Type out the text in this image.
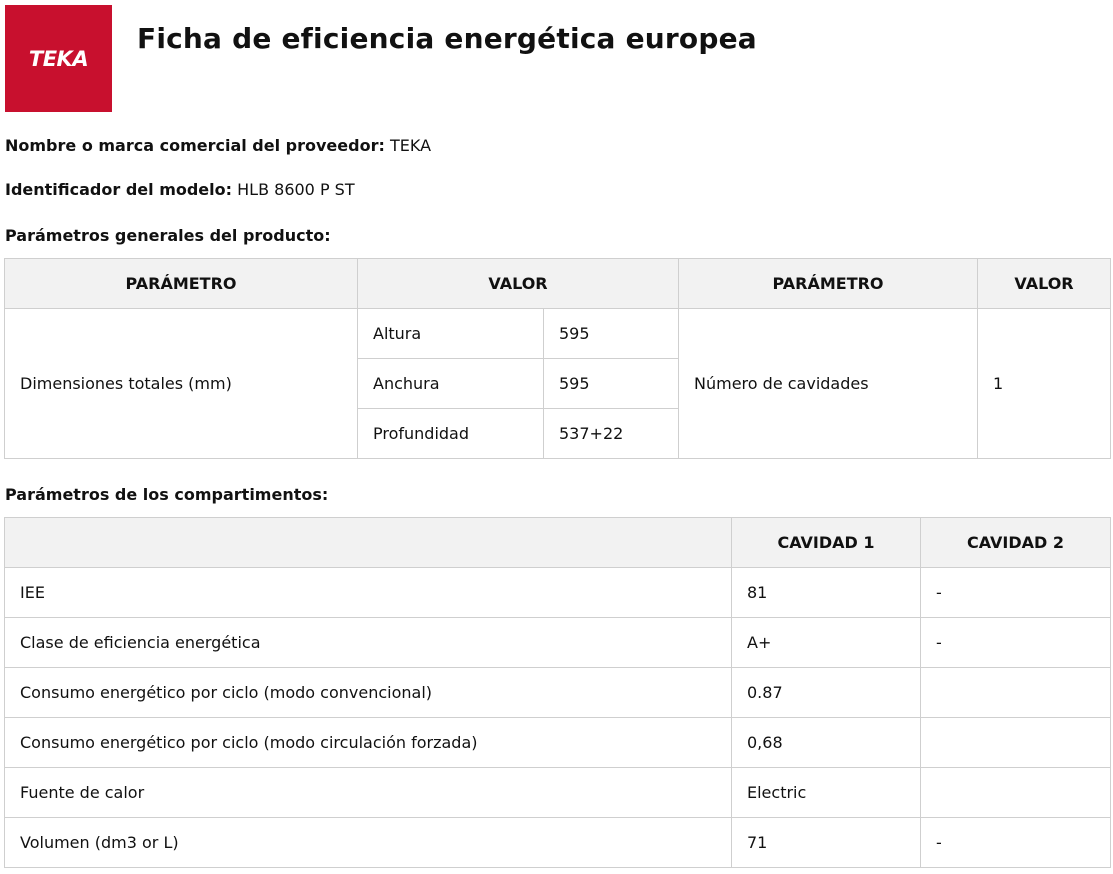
TEKA
Ficha de eficiencia energética europea

Nombre o marca comercial del proveedor: TEKA

Identificador del modelo: HLB 8600 P ST

Parámetros generales del producto:

PARÁMETRO	VALOR		PARÁMETRO	VALOR
Dimensiones totales (mm)	Altura	595	Número de cavidades	1
	Anchura	595		
	Profundidad	537+22		

Parámetros de los compartimentos:

	CAVIDAD 1	CAVIDAD 2
IEE	81	-
Clase de eficiencia energética	A+	-
Consumo energético por ciclo (modo convencional)	0.87	
Consumo energético por ciclo (modo circulación forzada)	0,68	
Fuente de calor	Electric	
Volumen (dm3 or L)	71	-
